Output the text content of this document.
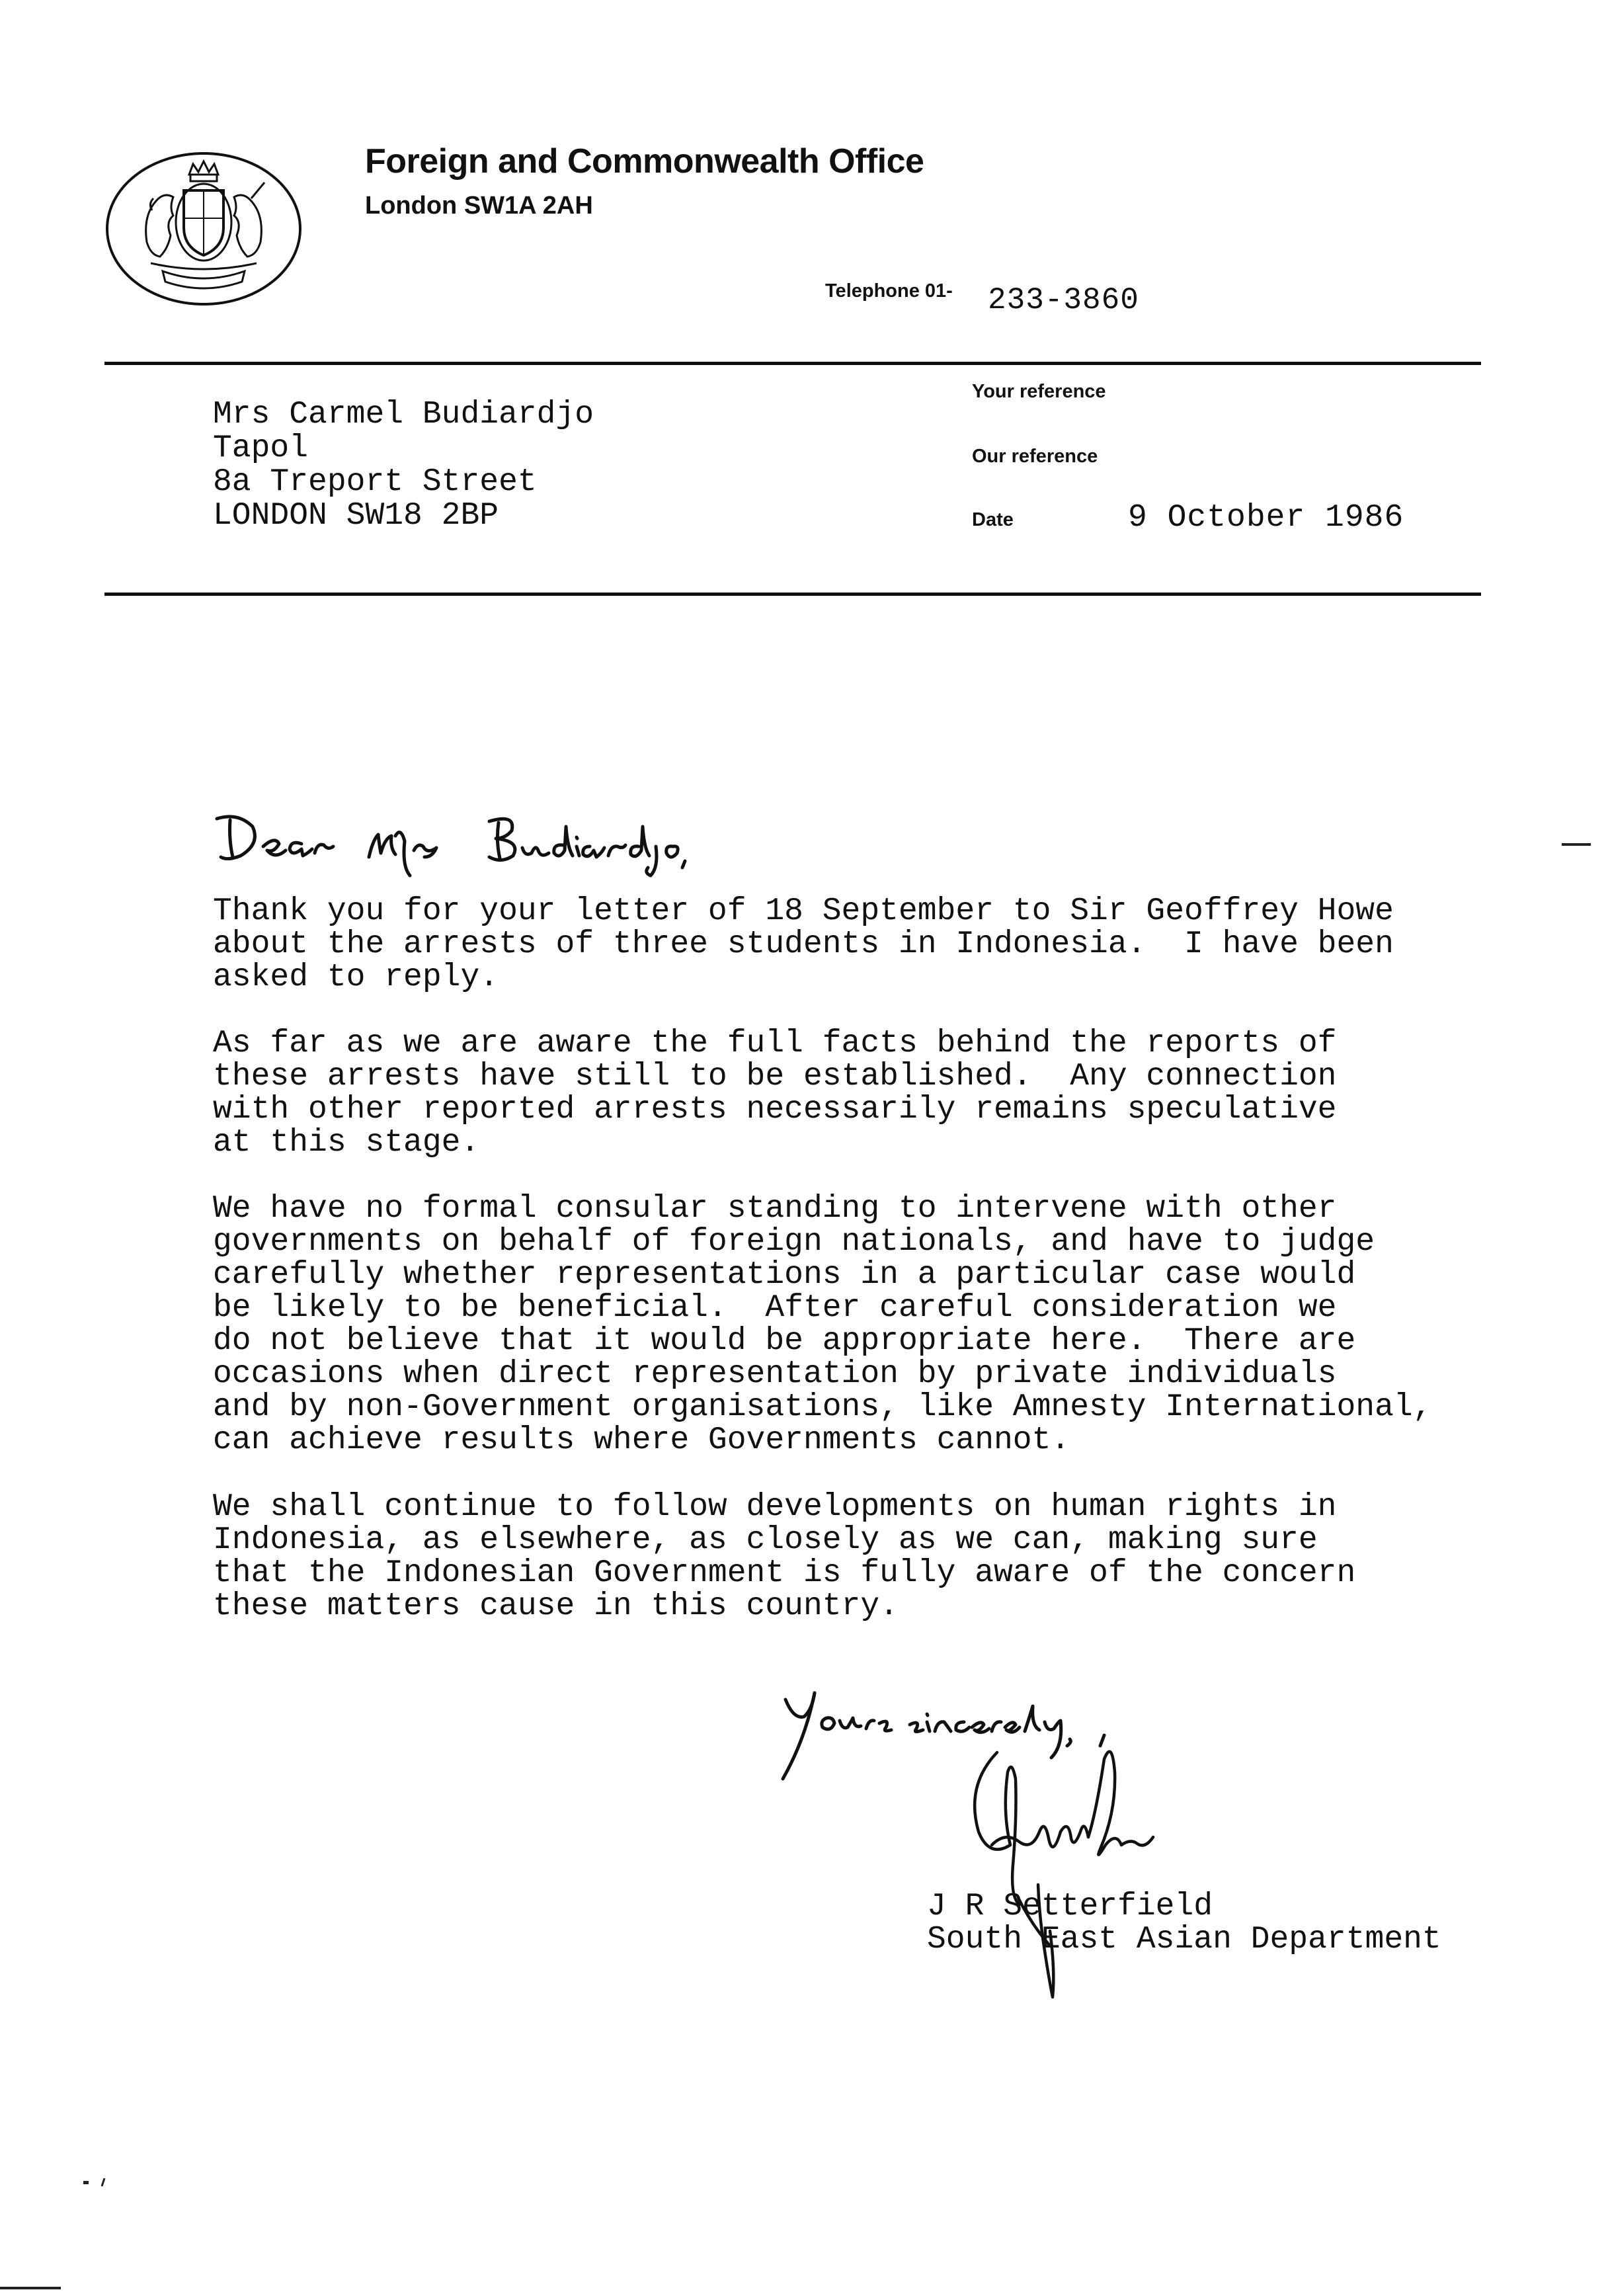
Foreign and Commonwealth Office
London SW1A 2AH
Telephone 01- 233-3860
Mrs Carmel Budiardjo
Tapol
8a Treport Street
LONDON SW18 2BP
Your reference
Our reference
Date	9 October 1986
Thank you for your letter of 18 September to Sir Geoffrey Howe
about the arrests of three students in Indonesia.  I have been
asked to reply.
As far as we are aware the full facts behind the reports of
these arrests have still to be established.  Any connection
with other reported arrests necessarily remains speculative
at this stage.
We have no formal consular standing to intervene with other
governments on behalf of foreign nationals, and have to judge
carefully whether representations in a particular case would
be likely to be beneficial.  After careful consideration we
do not believe that it would be appropriate here.  There are
occasions when direct representation by private individuals
and by non-Government organisations, like Amnesty International,
can achieve results where Governments cannot.
We shall continue to follow developments on human rights in
Indonesia, as elsewhere, as closely as we can, making sure
that the Indonesian Government is fully aware of the concern
these matters cause in this country.
J R Setterfield
South East Asian Department
